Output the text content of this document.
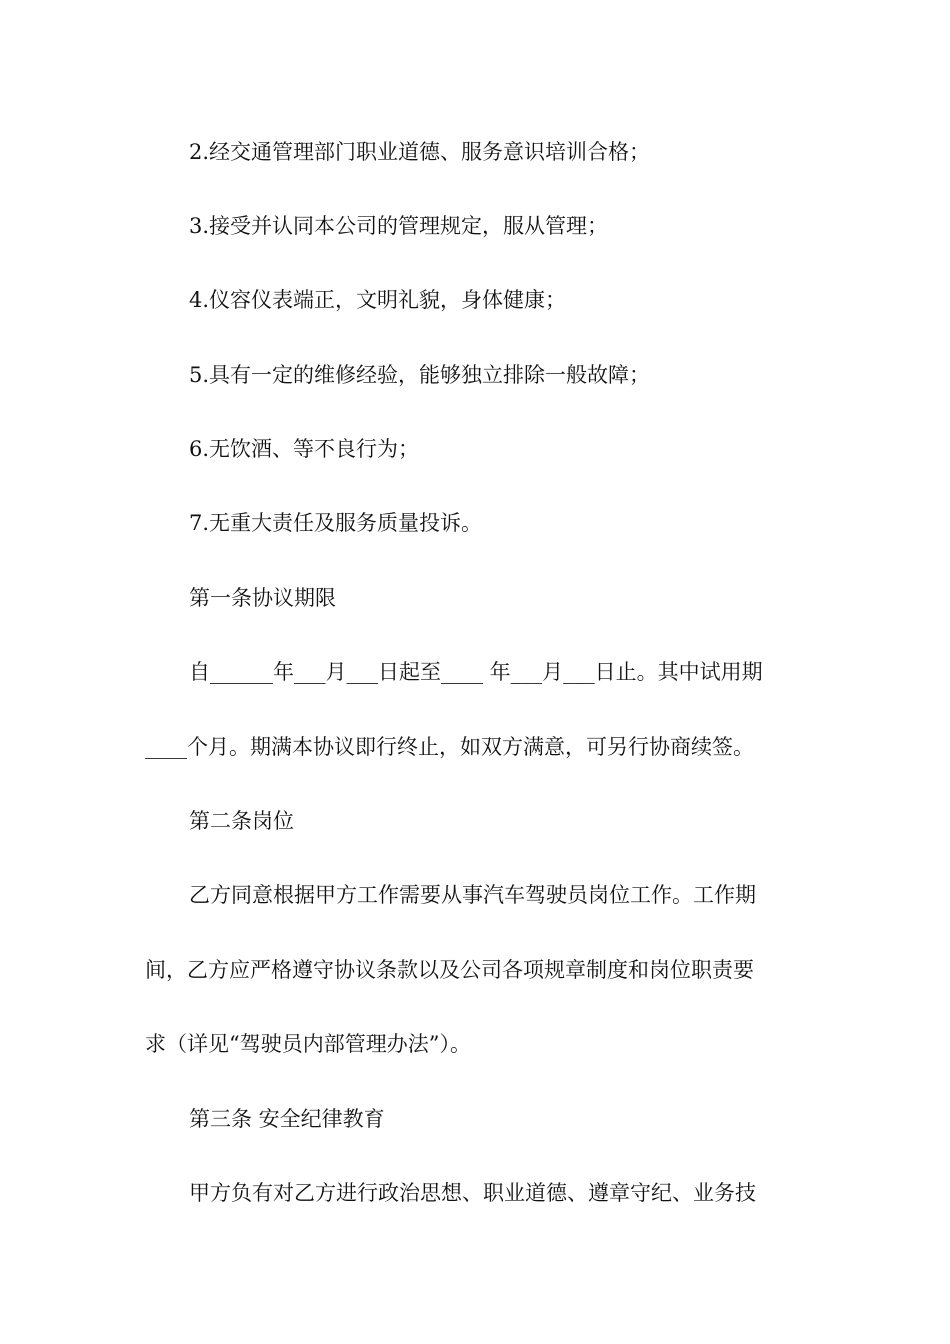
2.经交通管理部门职业道德、服务意识培训合格；
3.接受并认同本公司的管理规定，服从管理；
4.仪容仪表端正，文明礼貌，身体健康；
5.具有一定的维修经验，能够独立排除一般故障；
6.无饮酒、等不良行为；
7.无重大责任及服务质量投诉。
第一条协议期限
自______年___月___日起至____ 年___月___日止。其中试用期
____个月。期满本协议即行终止，如双方满意，可另行协商续签。
第二条岗位
乙方同意根据甲方工作需要从事汽车驾驶员岗位工作。工作期
间，乙方应严格遵守协议条款以及公司各项规章制度和岗位职责要
求（详见“驾驶员内部管理办法”）。
第三条 安全纪律教育
甲方负有对乙方进行政治思想、职业道德、遵章守纪、业务技
